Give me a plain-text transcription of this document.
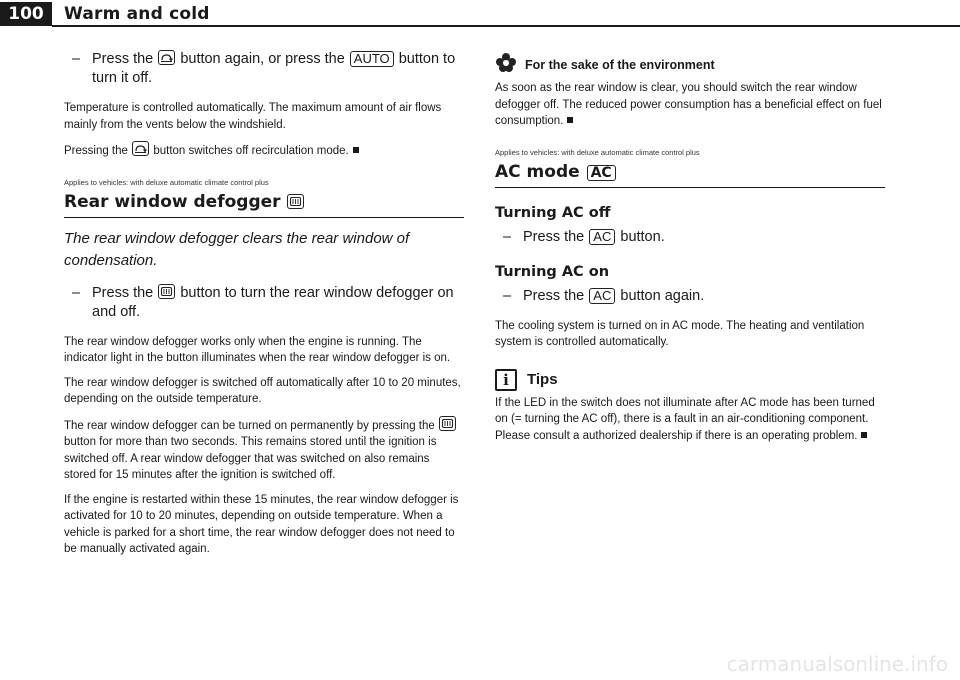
100	Warm and cold
– Press the button again, or press the AUTO button to turn it off.

Temperature is controlled automatically. The maximum amount of air flows mainly from the vents below the windshield.

Pressing the button switches off recirculation mode.

Applies to vehicles: with deluxe automatic climate control plus
Rear window defogger

The rear window defogger clears the rear window of condensation.

– Press the button to turn the rear window defogger on and off.

The rear window defogger works only when the engine is running. The indicator light in the button illuminates when the rear window defogger is on.

The rear window defogger is switched off automatically after 10 to 20 minutes, depending on the outside temperature.

The rear window defogger can be turned on permanently by pressing the
button for more than two seconds. This remains stored until the ignition is switched off. A rear window defogger that was switched on also remains stored for 15 minutes after the ignition is switched off.

If the engine is restarted within these 15 minutes, the rear window defogger is activated for 10 to 20 minutes, depending on outside temperature. When a vehicle is parked for a short time, the rear window defogger does not need to be manually activated again.

For the sake of the environment

As soon as the rear window is clear, you should switch the rear window defogger off. The reduced power consumption has a beneficial effect on fuel consumption.

Applies to vehicles: with deluxe automatic climate control plus
AC mode AC
Turning AC off
– Press the AC button.
Turning AC on
– Press the AC button again.

The cooling system is turned on in AC mode. The heating and ventilation system is controlled automatically.

i	Tips

If the LED in the switch does not illuminate after AC mode has been turned on (= turning the AC off), there is a fault in an air-conditioning component. Please consult a authorized dealership if there is an operating problem.

carmanualsonline.info
